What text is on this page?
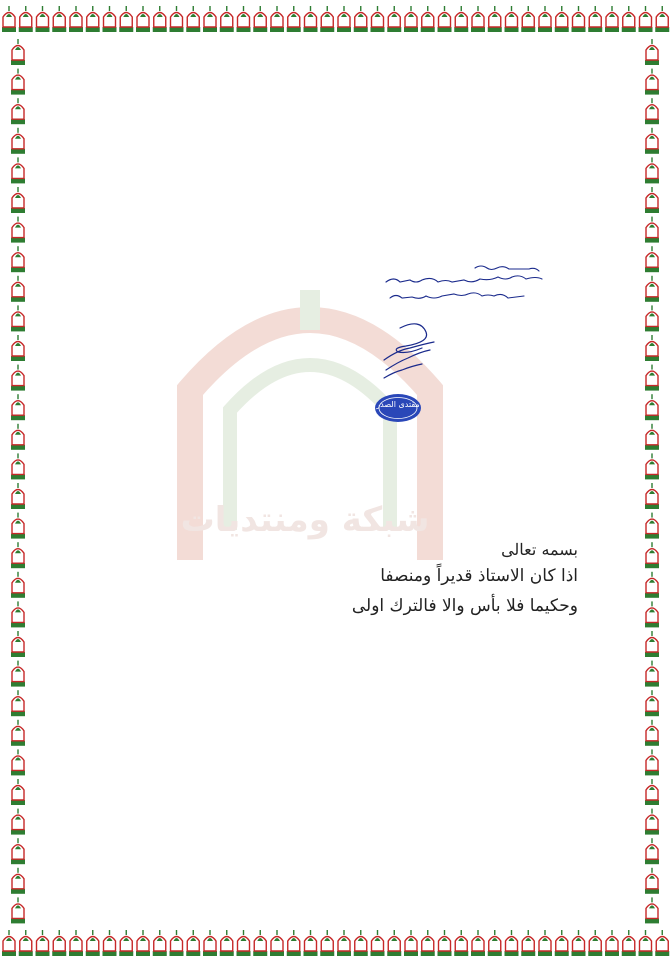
شبكة ومنتديات
مقتدى الصدر
بسمه تعالى
اذا كان الاستاذ قديراً ومنصفا
وحكيما فلا بأس والا فالترك اولى
